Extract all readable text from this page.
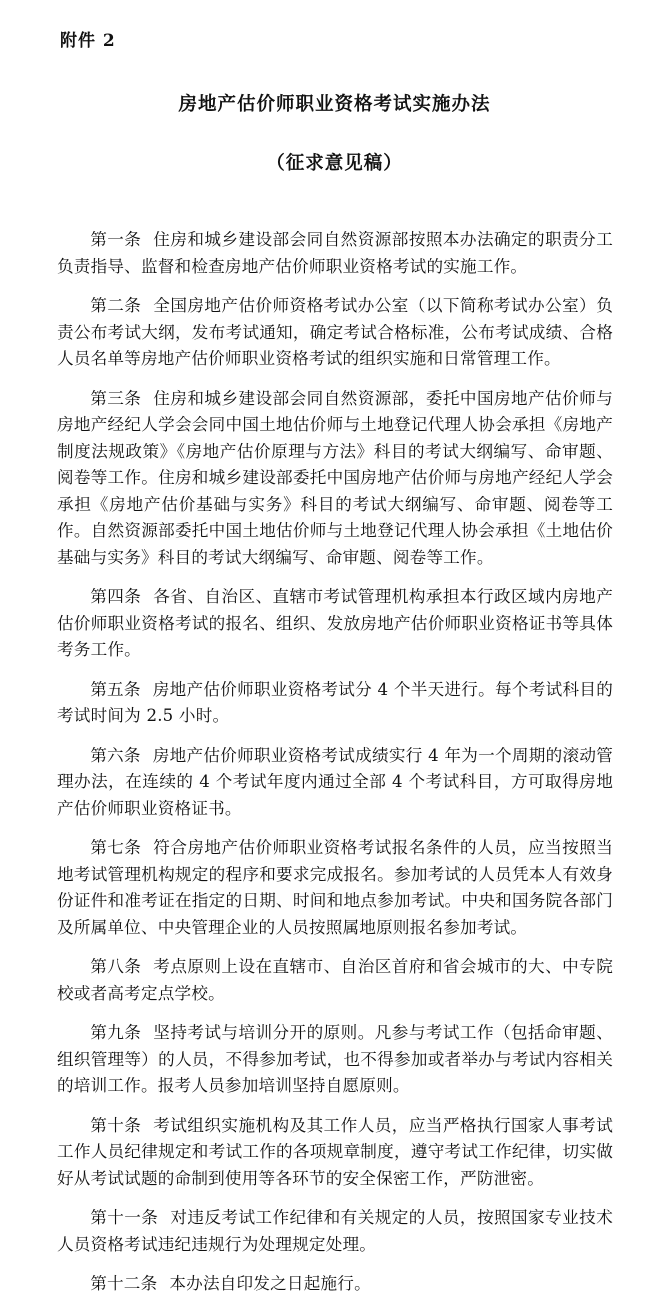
附件 2
房地产估价师职业资格考试实施办法
（征求意见稿）

第一条 住房和城乡建设部会同自然资源部按照本办法确定的职责分工负责指导、监督和检查房地产估价师职业资格考试的实施工作。

第二条 全国房地产估价师资格考试办公室（以下简称考试办公室）负责公布考试大纲，发布考试通知，确定考试合格标准，公布考试成绩、合格人员名单等房地产估价师职业资格考试的组织实施和日常管理工作。

第三条 住房和城乡建设部会同自然资源部，委托中国房地产估价师与房地产经纪人学会会同中国土地估价师与土地登记代理人协会承担《房地产制度法规政策》《房地产估价原理与方法》科目的考试大纲编写、命审题、阅卷等工作。住房和城乡建设部委托中国房地产估价师与房地产经纪人学会承担《房地产估价基础与实务》科目的考试大纲编写、命审题、阅卷等工作。自然资源部委托中国土地估价师与土地登记代理人协会承担《土地估价基础与实务》科目的考试大纲编写、命审题、阅卷等工作。

第四条 各省、自治区、直辖市考试管理机构承担本行政区域内房地产估价师职业资格考试的报名、组织、发放房地产估价师职业资格证书等具体考务工作。

第五条 房地产估价师职业资格考试分 4 个半天进行。每个考试科目的考试时间为 2.5 小时。

第六条 房地产估价师职业资格考试成绩实行 4 年为一个周期的滚动管理办法，在连续的 4 个考试年度内通过全部 4 个考试科目，方可取得房地产估价师职业资格证书。

第七条 符合房地产估价师职业资格考试报名条件的人员，应当按照当地考试管理机构规定的程序和要求完成报名。参加考试的人员凭本人有效身份证件和准考证在指定的日期、时间和地点参加考试。中央和国务院各部门及所属单位、中央管理企业的人员按照属地原则报名参加考试。

第八条 考点原则上设在直辖市、自治区首府和省会城市的大、中专院校或者高考定点学校。

第九条 坚持考试与培训分开的原则。凡参与考试工作（包括命审题、组织管理等）的人员，不得参加考试，也不得参加或者举办与考试内容相关的培训工作。报考人员参加培训坚持自愿原则。

第十条 考试组织实施机构及其工作人员，应当严格执行国家人事考试工作人员纪律规定和考试工作的各项规章制度，遵守考试工作纪律，切实做好从考试试题的命制到使用等各环节的安全保密工作，严防泄密。

第十一条 对违反考试工作纪律和有关规定的人员，按照国家专业技术人员资格考试违纪违规行为处理规定处理。

第十二条 本办法自印发之日起施行。
